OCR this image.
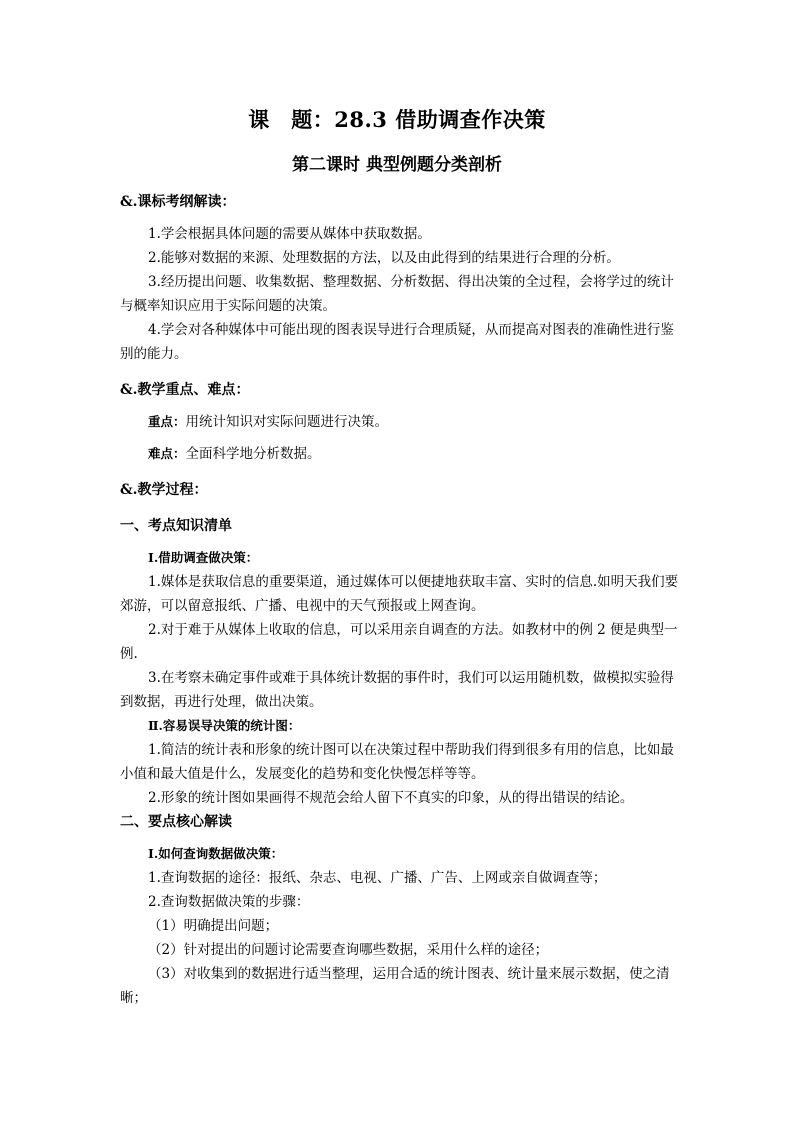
课　题：28.3 借助调查作决策
第二课时 典型例题分类剖析

&.课标考纲解读：

1.学会根据具体问题的需要从媒体中获取数据。

2.能够对数据的来源、处理数据的方法，以及由此得到的结果进行合理的分析。

3.经历提出问题、收集数据、整理数据、分析数据、得出决策的全过程，会将学过的统计与概率知识应用于实际问题的决策。

4.学会对各种媒体中可能出现的图表误导进行合理质疑，从而提高对图表的准确性进行鉴别的能力。

&.教学重点、难点：

重点：用统计知识对实际问题进行决策。

难点：全面科学地分析数据。

&.教学过程：

一、考点知识清单

Ⅰ.借助调查做决策：

1.媒体是获取信息的重要渠道，通过媒体可以便捷地获取丰富、实时的信息.如明天我们要郊游，可以留意报纸、广播、电视中的天气预报或上网查询。

2.对于难于从媒体上收取的信息，可以采用亲自调查的方法。如教材中的例 2 便是典型一例.

3.在考察未确定事件或难于具体统计数据的事件时，我们可以运用随机数，做模拟实验得到数据，再进行处理，做出决策。

Ⅱ.容易误导决策的统计图：

1.简洁的统计表和形象的统计图可以在决策过程中帮助我们得到很多有用的信息，比如最小值和最大值是什么，发展变化的趋势和变化快慢怎样等等。

2.形象的统计图如果画得不规范会给人留下不真实的印象，从的得出错误的结论。

二、要点核心解读

Ⅰ.如何查询数据做决策：

1.查询数据的途径：报纸、杂志、电视、广播、广告、上网或亲自做调查等；

2.查询数据做决策的步骤：

（1）明确提出问题；

（2）针对提出的问题讨论需要查询哪些数据，采用什么样的途径；

（3）对收集到的数据进行适当整理，运用合适的统计图表、统计量来展示数据，使之清晰；
